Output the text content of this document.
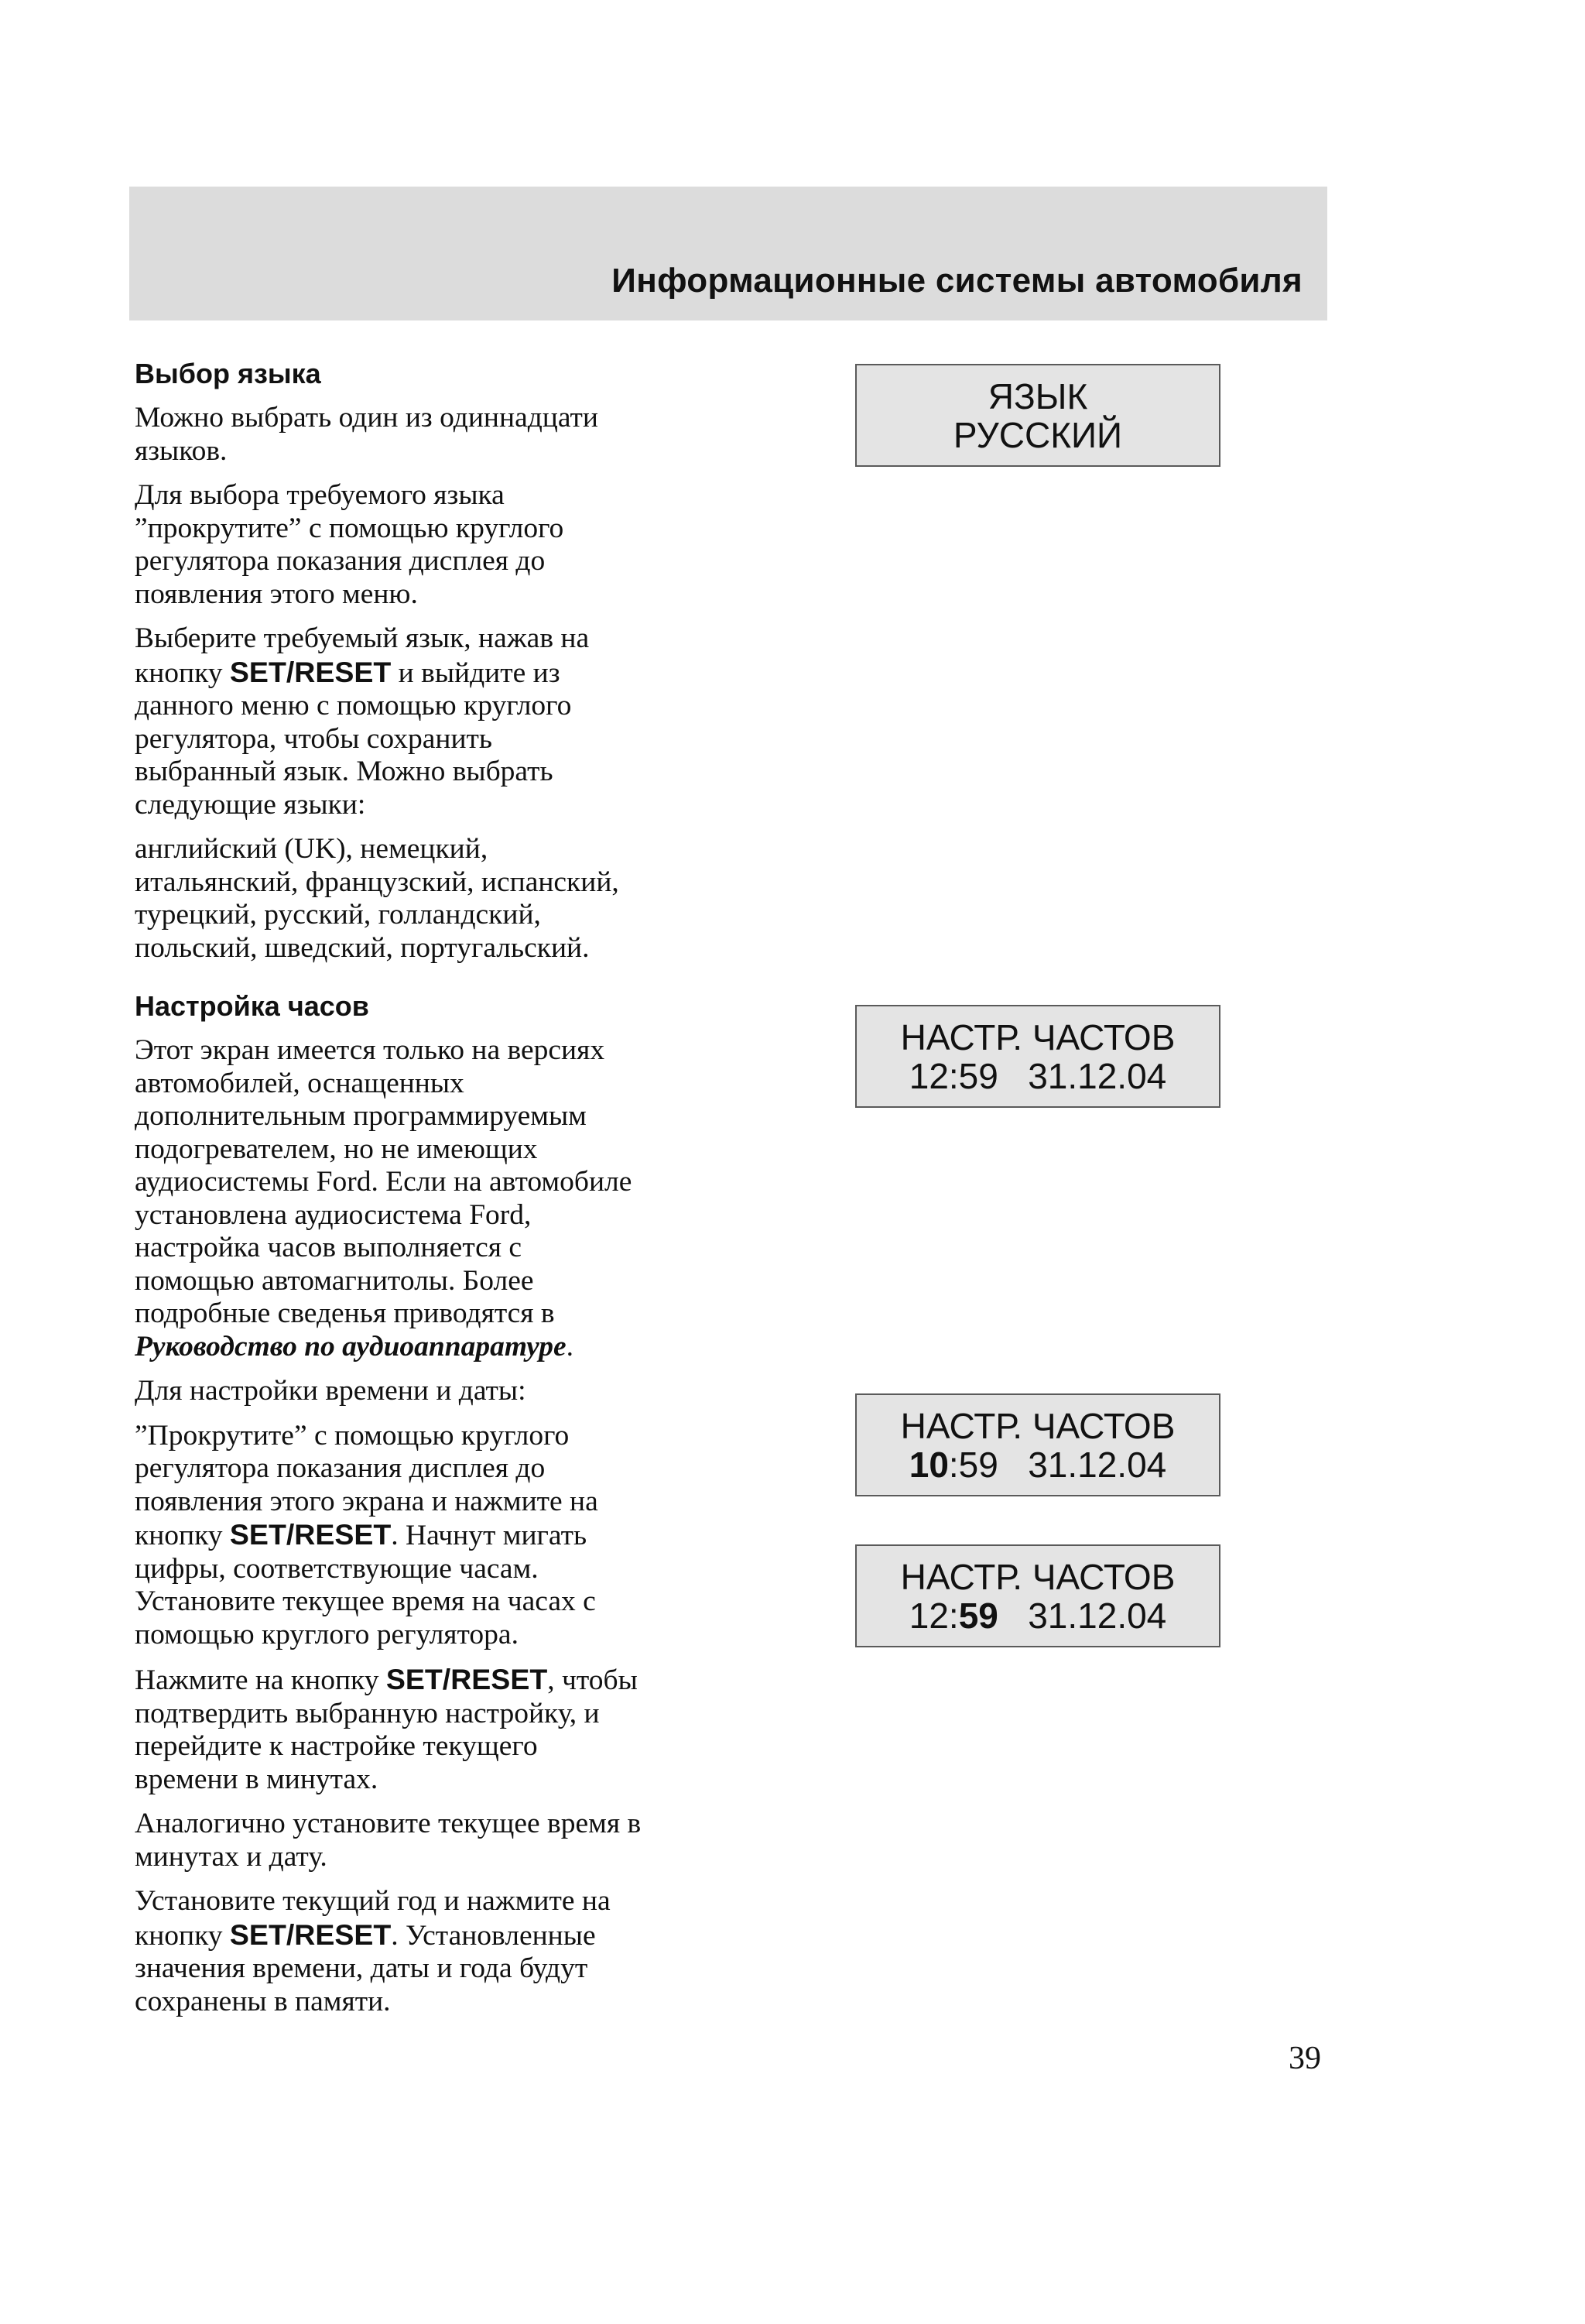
Информационные системы автомобиля
Выбор языка

Можно выбрать один из одиннадцати
языков.

Для выбора требуемого языка
”прокрутите” с помощью круглого
регулятора показания дисплея до
появления этого меню.

Выберите требуемый язык, нажав на
кнопку SET/RESET и выйдите из
данного меню с помощью круглого
регулятора, чтобы сохранить
выбранный язык. Можно выбрать
следующие языки:

английский (UK), немецкий,
итальянский, французский, испанский,
турецкий, русский, голландский,
польский, шведский, португальский.

Настройка часов

Этот экран имеется только на версиях
автомобилей, оснащенных
дополнительным программируемым
подогревателем, но не имеющих
аудиосистемы Ford. Если на автомобиле
установлена аудиосистема Ford,
настройка часов выполняется с
помощью автомагнитолы. Более
подробные сведенья приводятся в
Руководство по аудиоаппаратуре.

Для настройки времени и даты:

”Прокрутите” с помощью круглого
регулятора показания дисплея до
появления этого экрана и нажмите на
кнопку SET/RESET. Начнут мигать
цифры, соответствующие часам.
Установите текущее время на часах с
помощью круглого регулятора.

Нажмите на кнопку SET/RESET, чтобы
подтвердить выбранную настройку, и
перейдите к настройке текущего
времени в минутах.

Аналогично установите текущее время в
минутах и дату.

Установите текущий год и нажмите на
кнопку SET/RESET. Установленные
значения времени, даты и года будут
сохранены в памяти.

ЯЗЫК
РУССКИЙ
НАСТР. ЧАСТОВ
12:59   31.12.04
НАСТР. ЧАСТОВ
10:59   31.12.04
НАСТР. ЧАСТОВ
12:59   31.12.04
39
